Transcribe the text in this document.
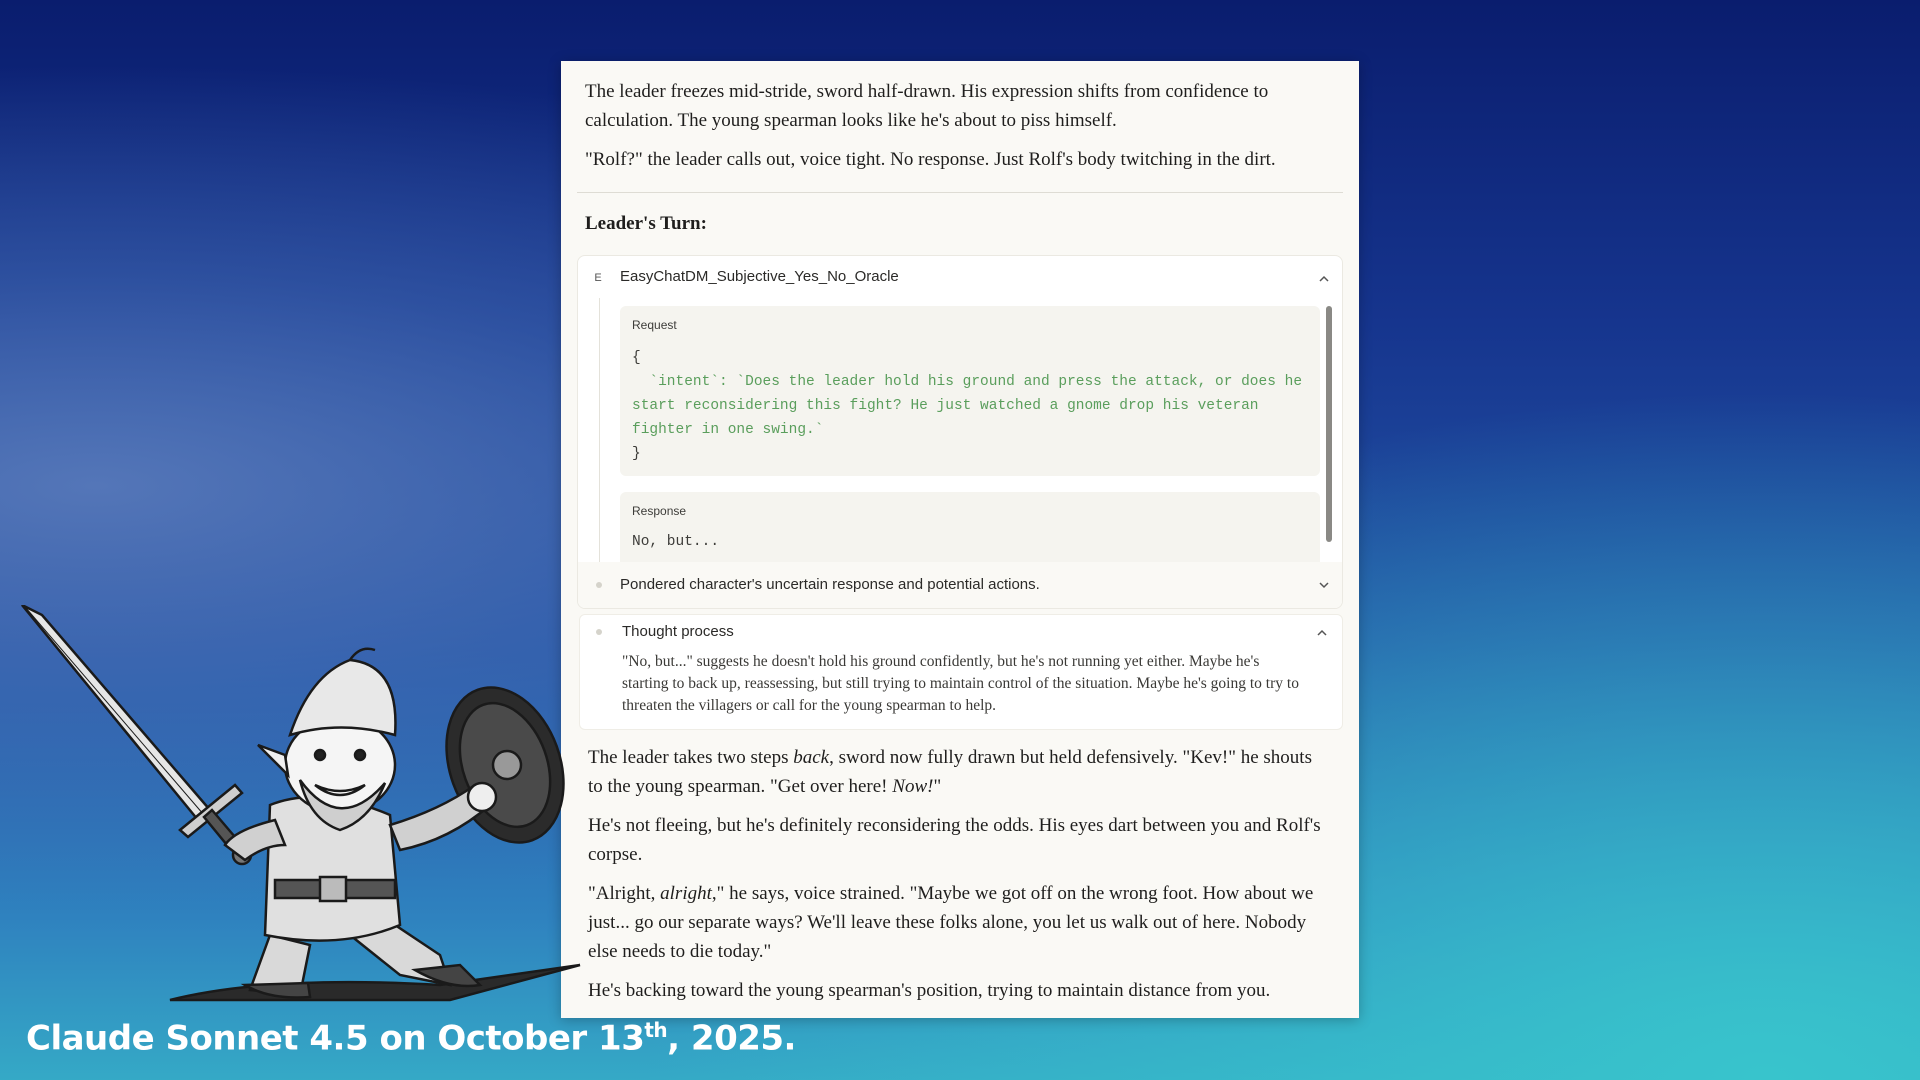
The leader freezes mid-stride, sword half-drawn. His expression shifts from confidence to calculation. The young spearman looks like he's about to piss himself.

"Rolf?" the leader calls out, voice tight. No response. Just Rolf's body twitching in the dirt.

Leader's Turn:
E EasyChatDM_Subjective_Yes_No_Oracle
Request
{
`intent`: `Does the leader hold his ground and press the attack, or does he start reconsidering this fight? He just watched a gnome drop his veteran fighter in one swing.`
}
Response
No, but...
Pondered character's uncertain response and potential actions.
Thought process
"No, but..." suggests he doesn't hold his ground confidently, but he's not running yet either. Maybe he's starting to back up, reassessing, but still trying to maintain control of the situation. Maybe he's going to try to threaten the villagers or call for the young spearman to help.

The leader takes two steps back, sword now fully drawn but held defensively. "Kev!" he shouts to the young spearman. "Get over here! Now!"

He's not fleeing, but he's definitely reconsidering the odds. His eyes dart between you and Rolf's corpse.

"Alright, alright," he says, voice strained. "Maybe we got off on the wrong foot. How about we just... go our separate ways? We'll leave these folks alone, you let us walk out of here. Nobody else needs to die today."

He's backing toward the young spearman's position, trying to maintain distance from you.

Claude Sonnet 4.5 on October 13th, 2025.
